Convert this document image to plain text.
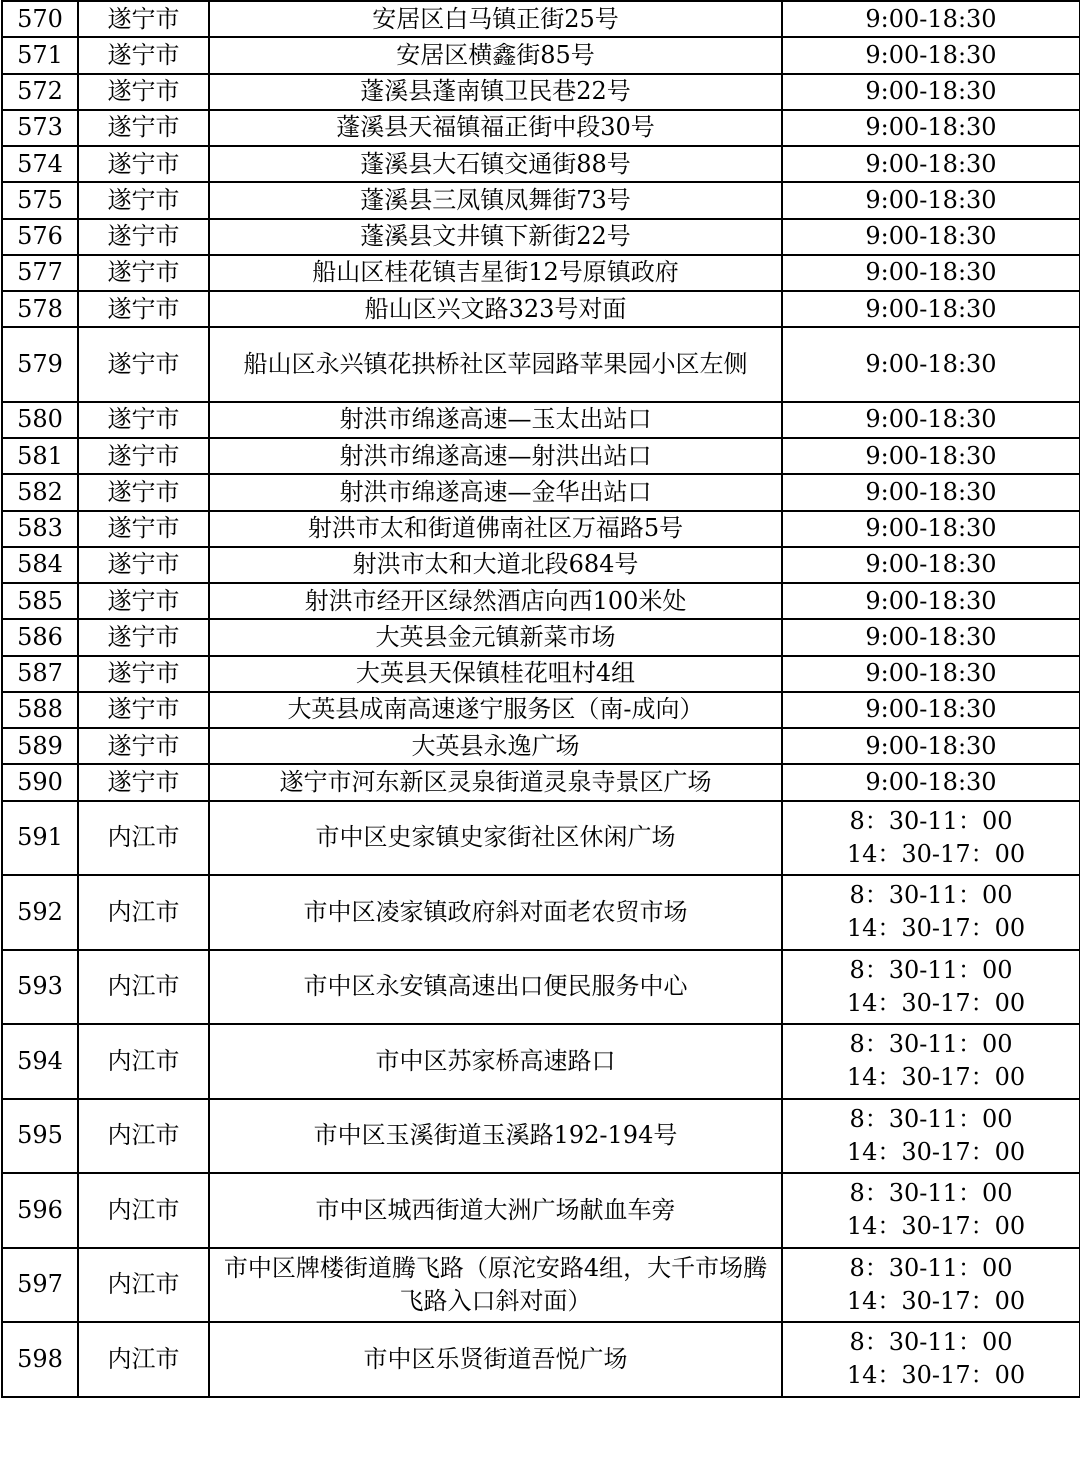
570	遂宁市	安居区白马镇正街25号	9:00-18:30

571	遂宁市	安居区横鑫街85号	9:00-18:30

572	遂宁市	蓬溪县蓬南镇卫民巷22号	9:00-18:30

573	遂宁市	蓬溪县天福镇福正街中段30号	9:00-18:30

574	遂宁市	蓬溪县大石镇交通街88号	9:00-18:30

575	遂宁市	蓬溪县三凤镇凤舞街73号	9:00-18:30

576	遂宁市	蓬溪县文井镇下新街22号	9:00-18:30

577	遂宁市	船山区桂花镇吉星街12号原镇政府	9:00-18:30

578	遂宁市	船山区兴文路323号对面	9:00-18:30

579	遂宁市	船山区永兴镇花拱桥社区苹园路苹果园小区左侧	9:00-18:30

580	遂宁市	射洪市绵遂高速—玉太出站口	9:00-18:30

581	遂宁市	射洪市绵遂高速—射洪出站口	9:00-18:30

582	遂宁市	射洪市绵遂高速—金华出站口	9:00-18:30

583	遂宁市	射洪市太和街道佛南社区万福路5号	9:00-18:30

584	遂宁市	射洪市太和大道北段684号	9:00-18:30

585	遂宁市	射洪市经开区绿然酒店向西100米处	9:00-18:30

586	遂宁市	大英县金元镇新菜市场	9:00-18:30

587	遂宁市	大英县天保镇桂花咀村4组	9:00-18:30

588	遂宁市	大英县成南高速遂宁服务区（南-成向）	9:00-18:30

589	遂宁市	大英县永逸广场	9:00-18:30

590	遂宁市	遂宁市河东新区灵泉街道灵泉寺景区广场	9:00-18:30

591	内江市	市中区史家镇史家街社区休闲广场	8：30-11：00
14：30-17：00

592	内江市	市中区凌家镇政府斜对面老农贸市场	8：30-11：00
14：30-17：00

593	内江市	市中区永安镇高速出口便民服务中心	8：30-11：00
14：30-17：00

594	内江市	市中区苏家桥高速路口	8：30-11：00
14：30-17：00

595	内江市	市中区玉溪街道玉溪路192-194号	8：30-11：00
14：30-17：00

596	内江市	市中区城西街道大洲广场献血车旁	8：30-11：00
14：30-17：00

597	内江市	市中区牌楼街道腾飞路（原沱安路4组，大千市场腾飞路入口斜对面）	8：30-11：00
14：30-17：00

598	内江市	市中区乐贤街道吾悦广场	8：30-11：00
14：30-17：00
